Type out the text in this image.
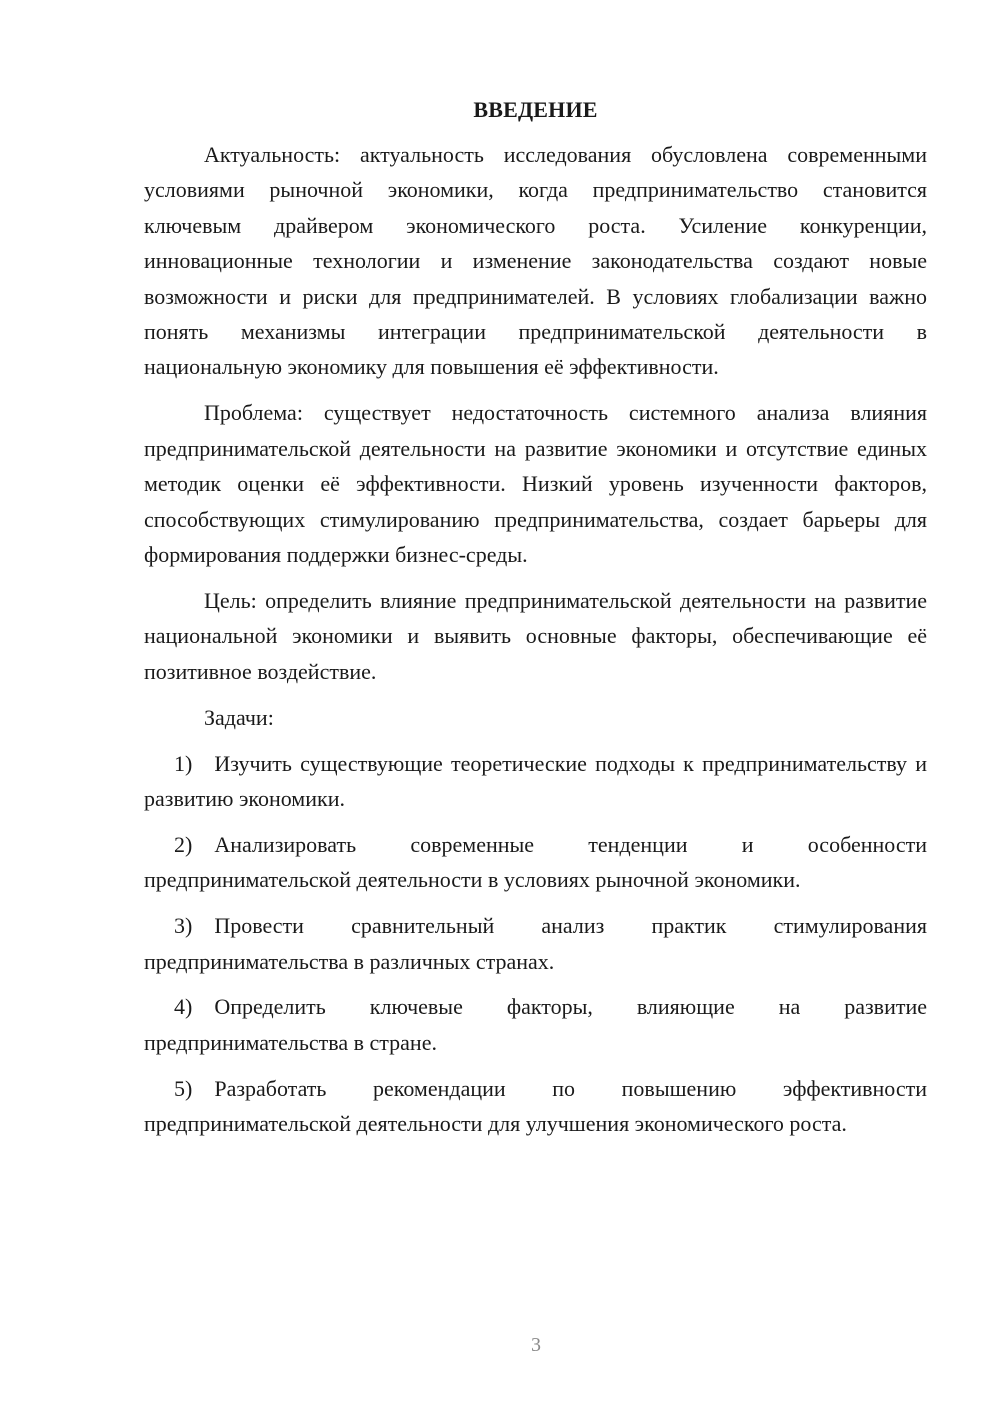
ВВЕДЕНИЕ

Актуальность: актуальность исследования обусловлена современными условиями рыночной экономики, когда предпринимательство становится ключевым драйвером экономического роста. Усиление конкуренции, инновационные технологии и изменение законодательства создают новые возможности и риски для предпринимателей. В условиях глобализации важно понять механизмы интеграции предпринимательской деятельности в национальную экономику для повышения её эффективности.

Проблема: существует недостаточность системного анализа влияния предпринимательской деятельности на развитие экономики и отсутствие единых методик оценки её эффективности. Низкий уровень изученности факторов, способствующих стимулированию предпринимательства, создает барьеры для формирования поддержки бизнес-среды.

Цель: определить влияние предпринимательской деятельности на развитие национальной экономики и выявить основные факторы, обеспечивающие её позитивное воздействие.

Задачи:

1) Изучить существующие теоретические подходы к предпринимательству и развитию экономики.

2) Анализировать современные тенденции и особенности предпринимательской деятельности в условиях рыночной экономики.

3) Провести сравнительный анализ практик стимулирования предпринимательства в различных странах.

4) Определить ключевые факторы, влияющие на развитие предпринимательства в стране.

5) Разработать рекомендации по повышению эффективности предпринимательской деятельности для улучшения экономического роста.

3
